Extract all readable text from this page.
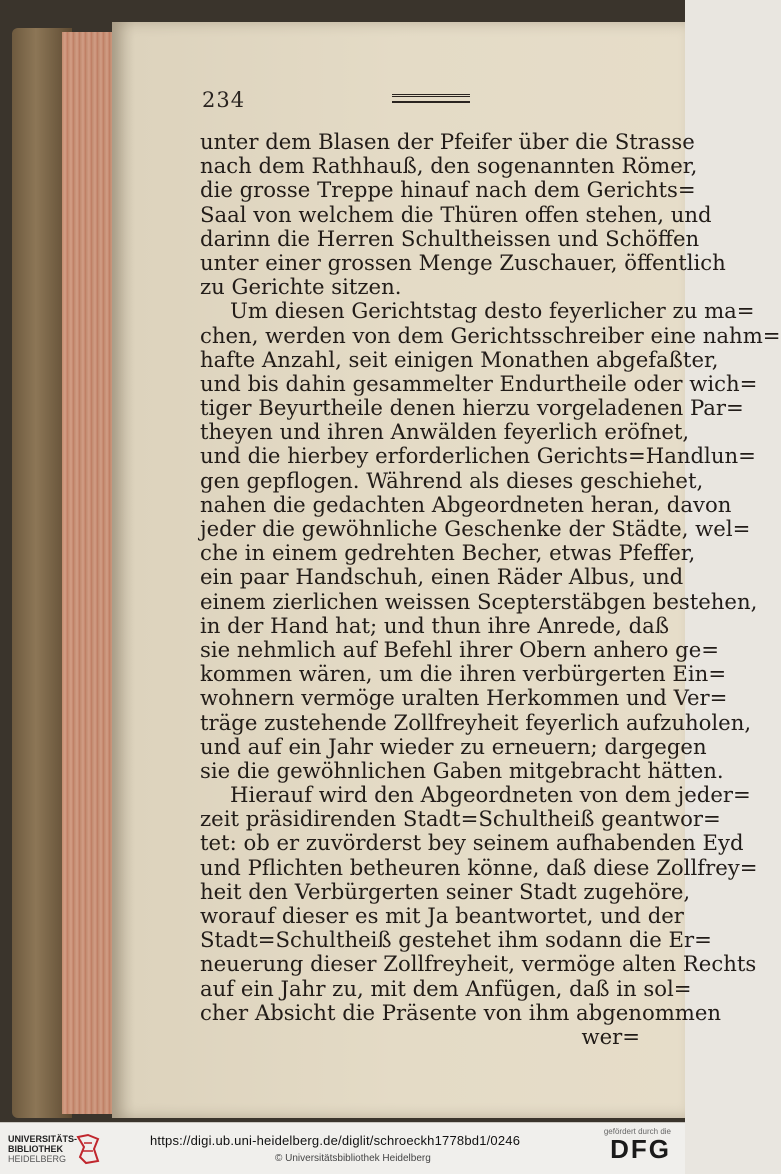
234
unter dem Blasen der Pfeifer über die Strasse
nach dem Rathhauß, den sogenannten Römer,
die grosse Treppe hinauf nach dem Gerichts=
Saal von welchem die Thüren offen stehen, und
darinn die Herren Schultheissen und Schöffen
unter einer grossen Menge Zuschauer, öffentlich
zu Gerichte sitzen.
Um diesen Gerichtstag desto feyerlicher zu ma=
chen, werden von dem Gerichtsschreiber eine nahm=
hafte Anzahl, seit einigen Monathen abgefaßter,
und bis dahin gesammelter Endurtheile oder wich=
tiger Beyurtheile denen hierzu vorgeladenen Par=
theyen und ihren Anwälden feyerlich eröfnet,
und die hierbey erforderlichen Gerichts=Handlun=
gen gepflogen. Während als dieses geschiehet,
nahen die gedachten Abgeordneten heran, davon
jeder die gewöhnliche Geschenke der Städte, wel=
che in einem gedrehten Becher, etwas Pfeffer,
ein paar Handschuh, einen Räder Albus, und
einem zierlichen weissen Scepterstäbgen bestehen,
in der Hand hat; und thun ihre Anrede, daß
sie nehmlich auf Befehl ihrer Obern anhero ge=
kommen wären, um die ihren verbürgerten Ein=
wohnern vermöge uralten Herkommen und Ver=
träge zustehende Zollfreyheit feyerlich aufzuholen,
und auf ein Jahr wieder zu erneuern; dargegen
sie die gewöhnlichen Gaben mitgebracht hätten.
Hierauf wird den Abgeordneten von dem jeder=
zeit präsidirenden Stadt=Schultheiß geantwor=
tet: ob er zuvörderst bey seinem aufhabenden Eyd
und Pflichten betheuren könne, daß diese Zollfrey=
heit den Verbürgerten seiner Stadt zugehöre,
worauf dieser es mit Ja beantwortet, und der
Stadt=Schultheiß gestehet ihm sodann die Er=
neuerung dieser Zollfreyheit, vermöge alten Rechts
auf ein Jahr zu, mit dem Anfügen, daß in sol=
cher Absicht die Präsente von ihm abgenommen
wer=
UNIVERSITÄTS-
BIBLIOTHEK
HEIDELBERG
https://digi.ub.uni-heidelberg.de/diglit/schroeckh1778bd1/0246
© Universitätsbibliothek Heidelberg
gefördert durch die
DFG
